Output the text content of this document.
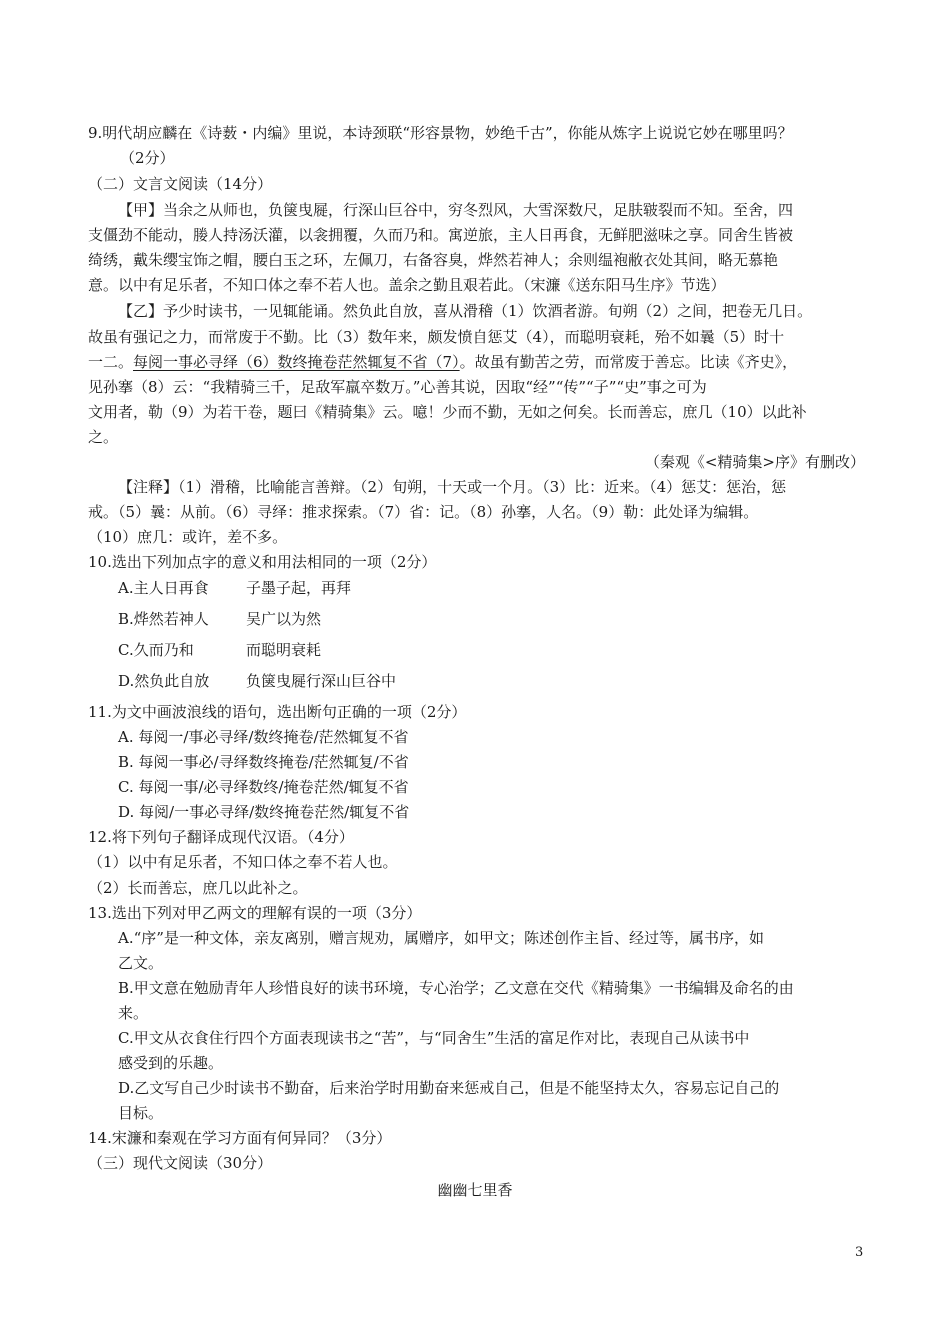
9.明代胡应麟在《诗薮・内编》里说，本诗颈联“形容景物，妙绝千古”，你能从炼字上说说它妙在哪里吗？
（2分）
（二）文言文阅读（14分）
【甲】当余之从师也，负箧曳屣，行深山巨谷中，穷冬烈风，大雪深数尺，足肤皲裂而不知。至舍，四
支僵劲不能动，媵人持汤沃灌，以衾拥覆，久而乃和。寓逆旅，主人日再食，无鲜肥滋味之享。同舍生皆被
绮绣，戴朱缨宝饰之帽，腰白玉之环，左佩刀，右备容臭，烨然若神人；余则缊袍敝衣处其间，略无慕艳
意。以中有足乐者，不知口体之奉不若人也。盖余之勤且艰若此。（宋濂《送东阳马生序》节选）
【乙】予少时读书，一见辄能诵。然负此自放，喜从滑稽（1）饮酒者游。旬朔（2）之间，把卷无几日。
故虽有强记之力，而常废于不勤。比（3）数年来，颇发愤自惩艾（4），而聪明衰耗，殆不如曩（5）时十
一二。每阅一事必寻绎（6）数终掩卷茫然辄复不省（7）。故虽有勤苦之劳，而常废于善忘。比读《齐史》，
见孙搴（8）云：“我精骑三千，足敌军羸卒数万。”心善其说，因取“经”“传”“子”“史”事之可为
文用者，勒（9）为若干卷，题曰《精骑集》云。噫！少而不勤，无如之何矣。长而善忘，庶几（10）以此补
之。
（秦观《<精骑集>序》有删改）
【注释】（1）滑稽，比喻能言善辩。（2）旬朔，十天或一个月。（3）比：近来。（4）惩艾：惩治，惩
戒。（5）曩：从前。（6）寻绎：推求探索。（7）省：记。（8）孙搴，人名。（9）勒：此处译为编辑。
（10）庶几：或许，差不多。
10.选出下列加点字的意义和用法相同的一项（2分）
A.主人日再食 子墨子起，再拜
B.烨然若神人 吴广以为然
C.久而乃和	而聪明衰耗
D.然负此自放 负箧曳屣行深山巨谷中
11.为文中画波浪线的语句，选出断句正确的一项（2分）
A. 每阅一/事必寻绎/数终掩卷/茫然辄复不省
B. 每阅一事必/寻绎数终掩卷/茫然辄复/不省
C. 每阅一事/必寻绎数终/掩卷茫然/辄复不省
D. 每阅/一事必寻绎/数终掩卷茫然/辄复不省
12.将下列句子翻译成现代汉语。（4分）
（1）以中有足乐者，不知口体之奉不若人也。
（2）长而善忘，庶几以此补之。
13.选出下列对甲乙两文的理解有误的一项（3分）
A.“序”是一种文体，亲友离别，赠言规劝，属赠序，如甲文；陈述创作主旨、经过等，属书序，如
乙文。
B.甲文意在勉励青年人珍惜良好的读书环境，专心治学；乙文意在交代《精骑集》一书编辑及命名的由
来。
C.甲文从衣食住行四个方面表现读书之“苦”，与“同舍生”生活的富足作对比，表现自己从读书中
感受到的乐趣。
D.乙文写自己少时读书不勤奋，后来治学时用勤奋来惩戒自己，但是不能坚持太久，容易忘记自己的
目标。
14.宋濂和秦观在学习方面有何异同？（3分）
（三）现代文阅读（30分）
幽幽七里香
3
